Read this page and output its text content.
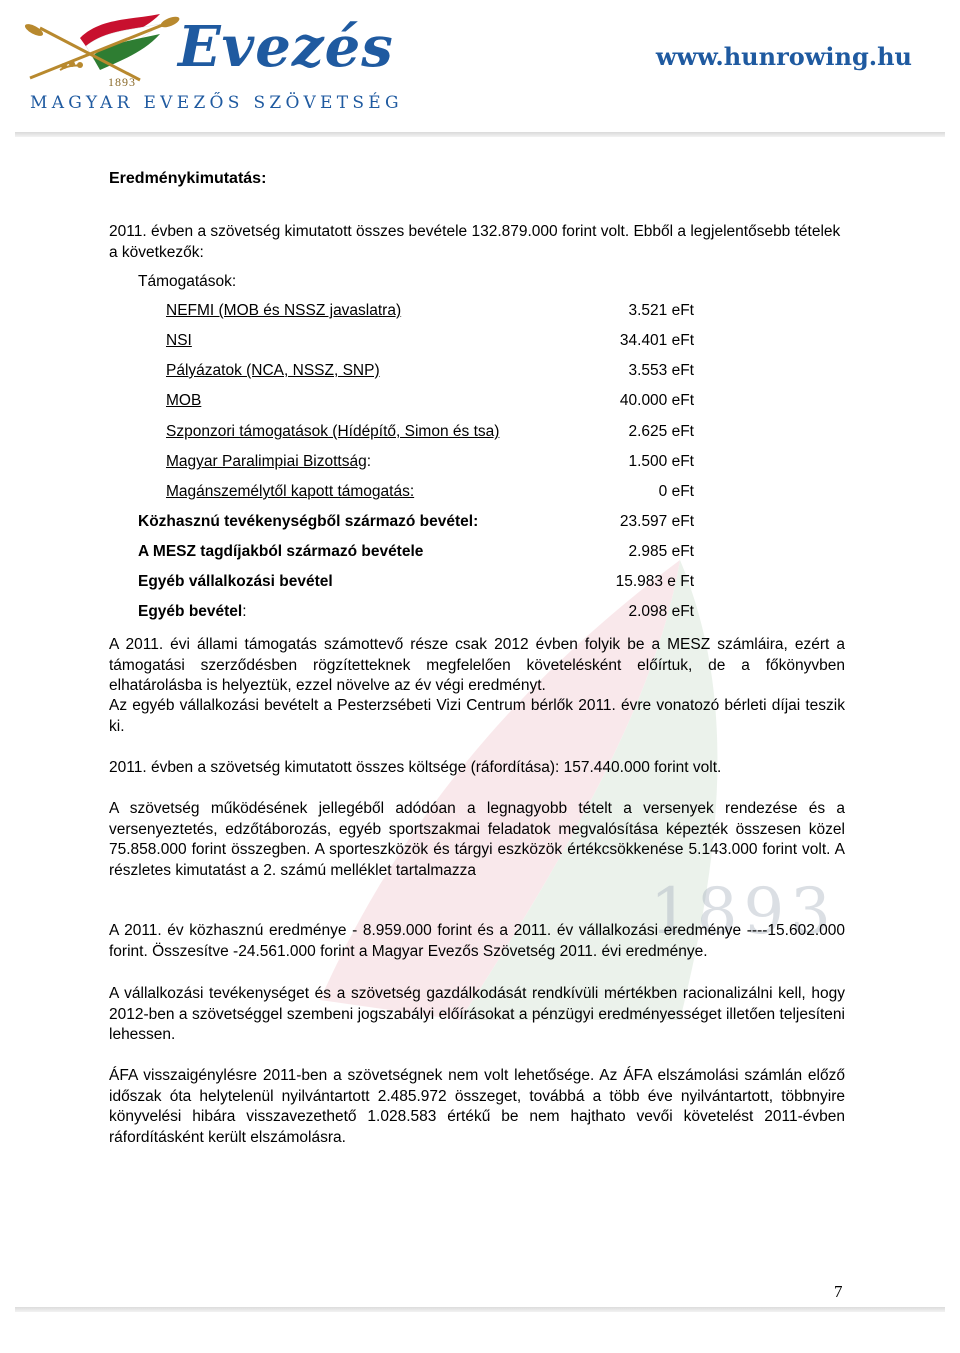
1893
Evezés
MAGYAR EVEZŐS SZÖVETSÉG
www.hunrowing.hu
1893
Eredménykimutatás:
2011. évben a szövetség kimutatott összes bevétele 132.879.000 forint volt. Ebből a legjelentősebb tételek a következők:
Támogatások:
NEFMI (MOB és NSSZ javaslatra)	3.521 eFt
NSI	34.401 eFt
Pályázatok (NCA, NSSZ, SNP)	3.553 eFt
MOB	40.000 eFt
Szponzori támogatások (Hídépítő, Simon és tsa)	2.625 eFt
Magyar Paralimpiai Bizottság:	1.500 eFt
Magánszemélytől kapott támogatás:	0 eFt
Közhasznú tevékenységből származó bevétel:	23.597 eFt
A MESZ tagdíjakból származó bevétele	2.985 eFt
Egyéb vállalkozási bevétel	15.983 e Ft
Egyéb bevétel:	2.098 eFt
A 2011. évi állami támogatás számottevő része csak 2012 évben folyik be a MESZ számláira, ezért a támogatási szerződésben rögzítetteknek megfelelően követelésként előírtuk, de a főkönyvben elhatárolásba is helyeztük, ezzel növelve az év végi eredményt.
Az egyéb vállalkozási bevételt a Pesterzsébeti Vizi Centrum bérlők 2011. évre vonatozó bérleti díjai teszik ki.
2011. évben a szövetség kimutatott összes költsége (ráfordítása): 157.440.000 forint volt.
A szövetség működésének jellegéből adódóan a legnagyobb tételt a versenyek rendezése és a versenyeztetés, edzőtáborozás, egyéb sportszakmai feladatok megvalósítása képezték összesen közel 75.858.000 forint összegben. A sporteszközök és tárgyi eszközök értékcsökkenése 5.143.000 forint volt. A részletes kimutatást a 2. számú melléklet tartalmazza
A 2011. év közhasznú eredménye - 8.959.000 forint és a 2011. év vállalkozási eredménye ----15.602.000 forint. Összesítve -24.561.000 forint a Magyar Evezős Szövetség 2011. évi eredménye.
A vállalkozási tevékenységet és a szövetség gazdálkodását rendkívüli mértékben racionalizálni kell, hogy 2012-ben a szövetséggel szembeni jogszabályi előírásokat a pénzügyi eredményességet illetően teljesíteni lehessen.
ÁFA visszaigénylésre 2011-ben a szövetségnek nem volt lehetősége. Az ÁFA elszámolási számlán előző időszak óta helytelenül nyilvántartott 2.485.972 összeget, továbbá a több éve nyilvántartott, többnyire könyvelési hibára visszavezethető 1.028.583 értékű be nem hajthato vevői követelést 2011-évben ráfordításként került elszámolásra.
7
